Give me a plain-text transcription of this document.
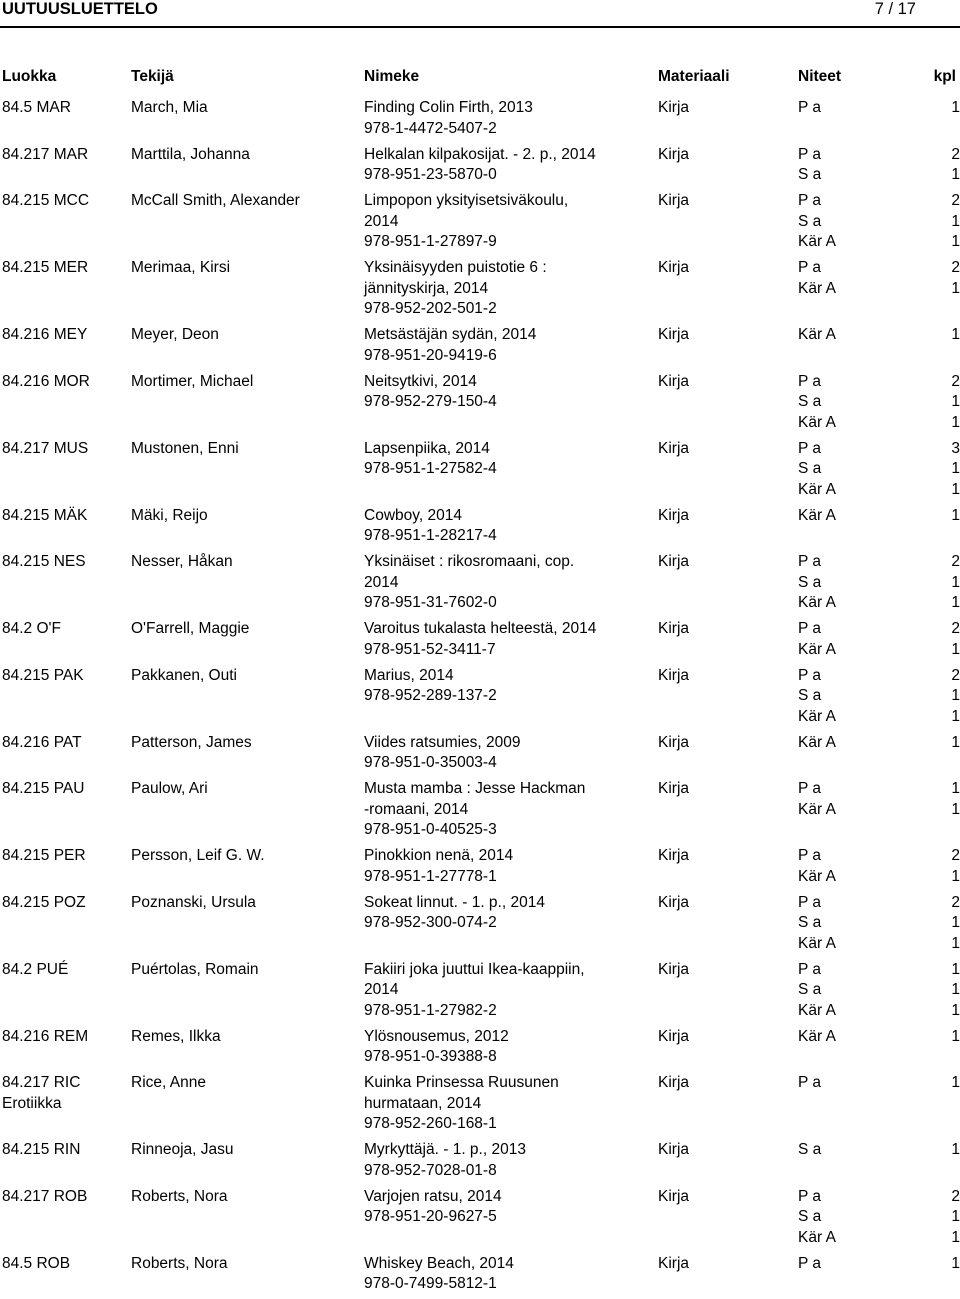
UUTUUSLUETTELO	7 / 17
Luokka	Tekijä	Nimeke	Materiaali	Niteet	kpl
84.5 MAR	March, Mia	Finding Colin Firth, 2013
978-1-4472-5407-2
Kirja	P a	1
84.217 MAR	Marttila, Johanna	Helkalan kilpakosijat. - 2. p., 2014
978-951-23-5870-0
Kirja	P a	2
S a	1
84.215 MCC	McCall Smith, Alexander	Limpopon yksityisetsiväkoulu,
2014
978-951-1-27897-9
Kirja	P a	2
S a	1
Kär A	1
84.215 MER	Merimaa, Kirsi	Yksinäisyyden puistotie 6 :
jännityskirja, 2014
978-952-202-501-2
Kirja	P a	2
Kär A	1
84.216 MEY	Meyer, Deon	Metsästäjän sydän, 2014
978-951-20-9419-6
Kirja	Kär A	1
84.216 MOR	Mortimer, Michael	Neitsytkivi, 2014
978-952-279-150-4
Kirja	P a	2
S a	1
Kär A	1
84.217 MUS	Mustonen, Enni	Lapsenpiika, 2014
978-951-1-27582-4
Kirja	P a	3
S a	1
Kär A	1
84.215 MÄK	Mäki, Reijo	Cowboy, 2014
978-951-1-28217-4
Kirja	Kär A	1
84.215 NES	Nesser, Håkan	Yksinäiset : rikosromaani, cop.
2014
978-951-31-7602-0
Kirja	P a	2
S a	1
Kär A	1
84.2 O'F	O'Farrell, Maggie	Varoitus tukalasta helteestä, 2014
978-951-52-3411-7
Kirja	P a	2
Kär A	1
84.215 PAK	Pakkanen, Outi	Marius, 2014
978-952-289-137-2
Kirja	P a	2
S a	1
Kär A	1
84.216 PAT	Patterson, James	Viides ratsumies, 2009
978-951-0-35003-4
Kirja	Kär A	1
84.215 PAU	Paulow, Ari	Musta mamba : Jesse Hackman
-romaani, 2014
978-951-0-40525-3
Kirja	P a	1
Kär A	1
84.215 PER	Persson, Leif G. W.	Pinokkion nenä, 2014
978-951-1-27778-1
Kirja	P a	2
Kär A	1
84.215 POZ	Poznanski, Ursula	Sokeat linnut. - 1. p., 2014
978-952-300-074-2
Kirja	P a	2
S a	1
Kär A	1
84.2 PUÉ	Puértolas, Romain	Fakiiri joka juuttui Ikea-kaappiin,
2014
978-951-1-27982-2
Kirja	P a	1
S a	1
Kär A	1
84.216 REM	Remes, Ilkka	Ylösnousemus, 2012
978-951-0-39388-8
Kirja	Kär A	1
84.217 RIC
Erotiikka
Rice, Anne	Kuinka Prinsessa Ruusunen
hurmataan, 2014
978-952-260-168-1
Kirja	P a	1
84.215 RIN	Rinneoja, Jasu	Myrkyttäjä. - 1. p., 2013
978-952-7028-01-8
Kirja	S a	1
84.217 ROB	Roberts, Nora	Varjojen ratsu, 2014
978-951-20-9627-5
Kirja	P a	2
S a	1
Kär A	1
84.5 ROB	Roberts, Nora	Whiskey Beach, 2014
978-0-7499-5812-1
Kirja	P a	1
